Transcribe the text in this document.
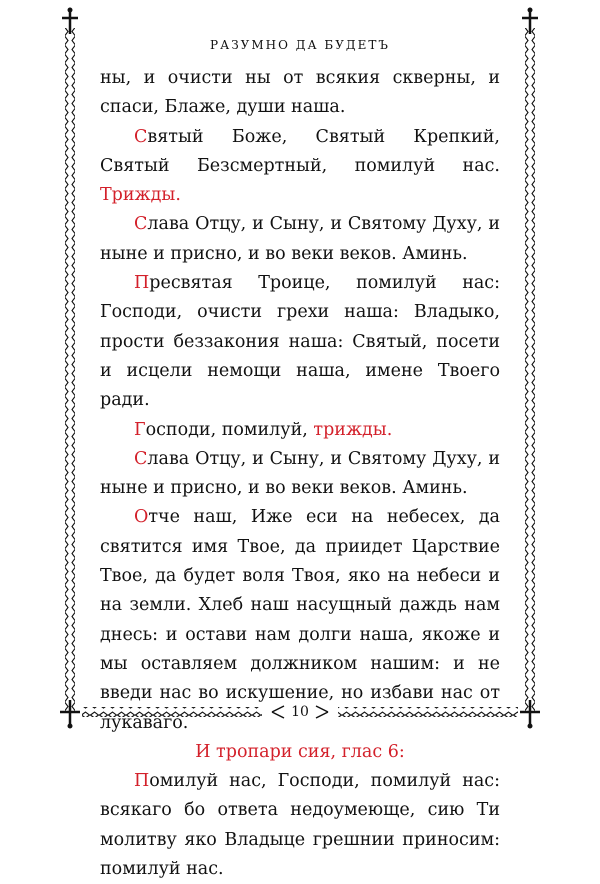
РАЗУМНО ДА БУДЕТЪ

ны, и очисти ны от всякия скверны, и спаси, Блаже, души наша.

Святый Боже, Святый Крепкий, Святый Безсмертный, помилуй нас. Трижды.

Слава Отцу, и Сыну, и Святому Духу, и ныне и присно, и во веки веков. Аминь.

Пресвятая Троице, помилуй нас: Господи, очисти грехи наша: Владыко, прости беззакония наша: Святый, посети и исцели немощи наша, имене Твоего ради.

Господи, помилуй, трижды.

Слава Отцу, и Сыну, и Святому Духу, и ныне и присно, и во веки веков. Аминь.

Отче наш, Иже еси на небесех, да святится имя Твое, да приидет Царствие Твое, да будет воля Твоя, яко на небеси и на земли. Хлеб наш насущный даждь нам днесь: и остави нам долги наша, якоже и мы оставляем должником нашим: и не введи нас во искушение, но избави нас от лукаваго.

И тропари сия, глас 6:

Помилуй нас, Господи, помилуй нас: всякаго бо ответа недоумеюще, сию Ти молитву яко Владыце грешнии приносим: помилуй нас.

10
